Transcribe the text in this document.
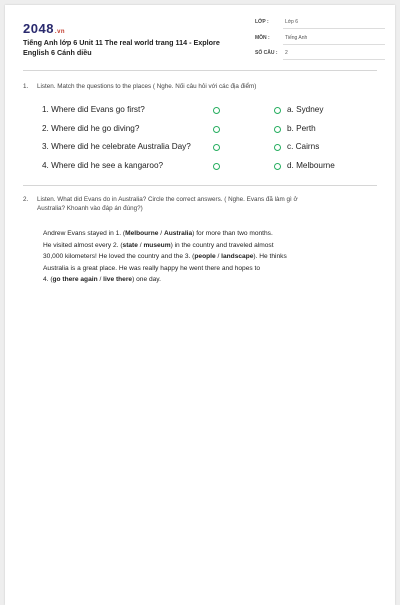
2048.vn
Tiếng Anh lớp 6 Unit 11 The real world trang 114 - Explore English 6 Cánh diều
LỚP :	Lớp 6
MÔN :	Tiếng Anh
SỐ CÂU : 2
1. Listen. Match the questions to the places ( Nghe. Nối câu hỏi với các địa điểm)
1. Where did Evans go first?
2. Where did he go diving?
3. Where did he celebrate Australia Day?
4. Where did he see a kangaroo?
a. Sydney
b. Perth
c. Cairns
d. Melbourne
2. Listen. What did Evans do in Australia? Circle the correct answers. ( Nghe. Evans đã làm gì ở
Australia? Khoanh vào đáp án đúng?)
Andrew Evans stayed in 1. (Melbourne / Australia) for more than two months.
He visited almost every 2. (state / museum) in the country and traveled almost
30,000 kilometers! He loved the country and the 3. (people / landscape). He thinks
Australia is a great place. He was really happy he went there and hopes to
4. (go there again / live there) one day.
